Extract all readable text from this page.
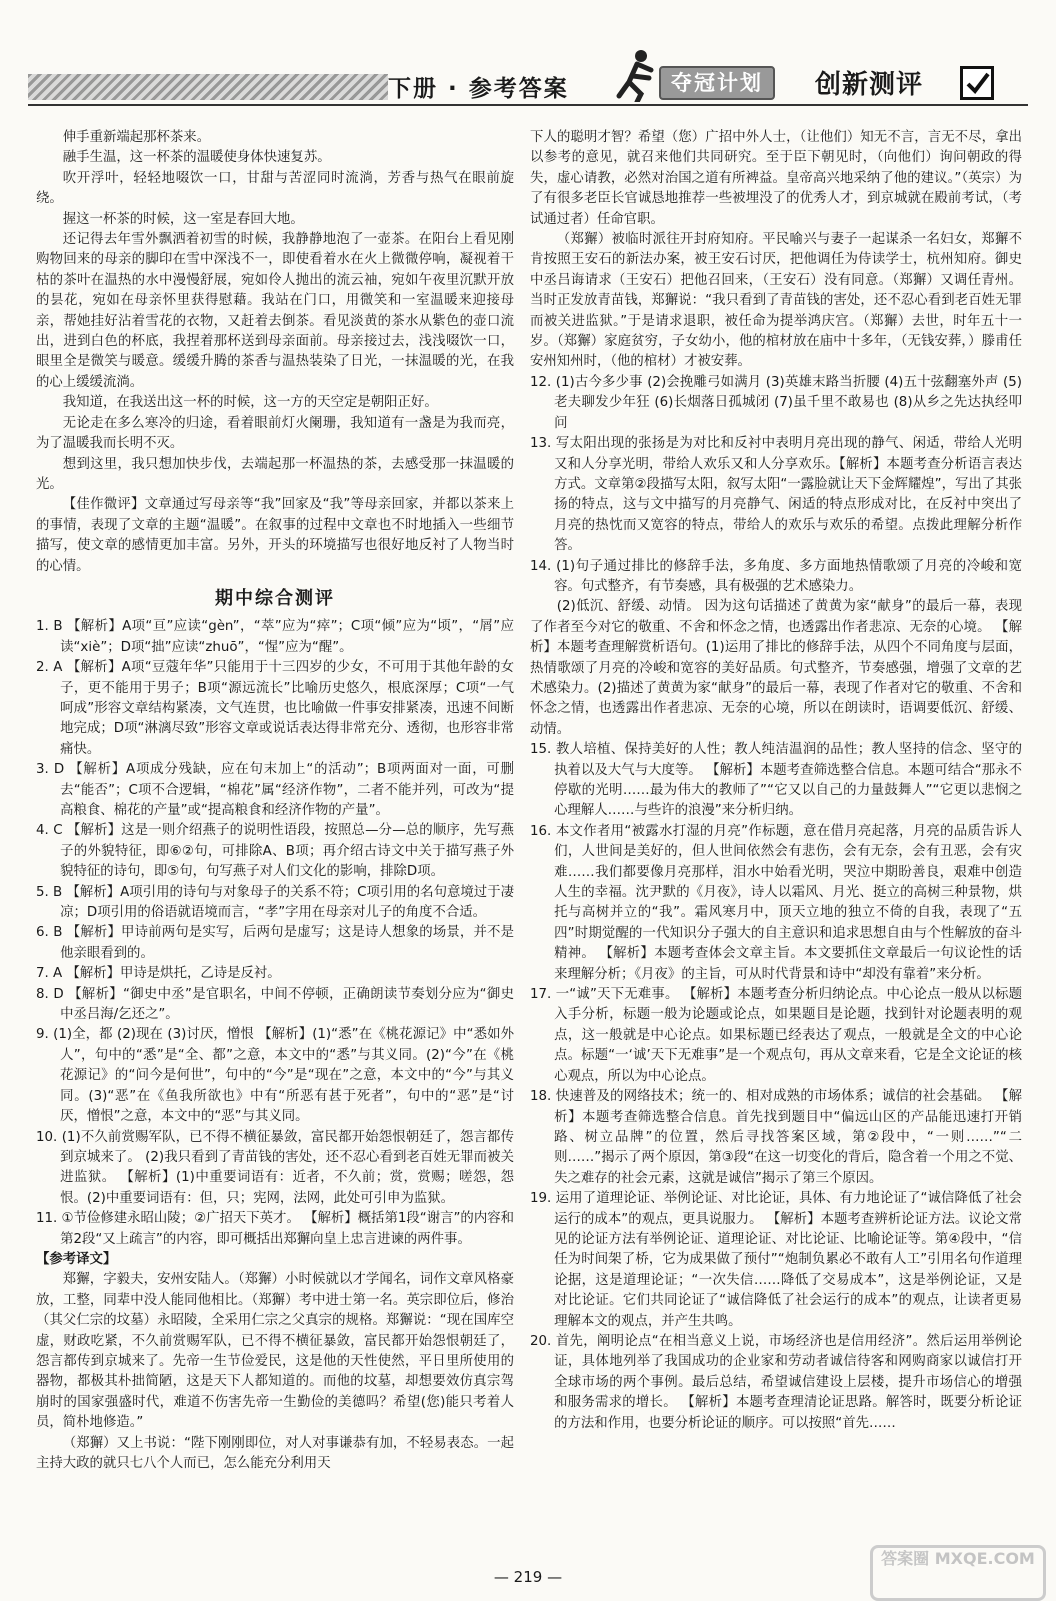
下册 · 参考答案	夺冠计划	创新测评

伸手重新端起那杯茶来。

融手生温，这一杯茶的温暖使身体快速复苏。

吹开浮叶，轻轻地啜饮一口，甘甜与苦涩同时流淌，芳香与热气在眼前旋绕。

握这一杯茶的时候，这一室是春回大地。

还记得去年雪外飘洒着初雪的时候，我静静地泡了一壶茶。在阳台上看见刚购物回来的母亲的脚印在雪中深浅不一，即使看着水在火上微微停响，凝视着干枯的茶叶在温热的水中漫慢舒展，宛如伶人抛出的流云袖，宛如午夜里沉默开放的昙花，宛如在母亲怀里获得慰藉。我站在门口，用微笑和一室温暖来迎接母亲，帮她挂好沾着雪花的衣物，又赶着去倒茶。看见淡黄的茶水从紫色的壶口流出，进到白色的杯底，我捏着那杯送到母亲面前。母亲接过去，浅浅啜饮一口，眼里全是微笑与暖意。缓缓升腾的茶香与温热装染了日光，一抹温暖的光，在我的心上缓缓流淌。

我知道，在我送出这一杯的时候，这一方的天空定是朝阳正好。

无论走在多么寒冷的归途，看着眼前灯火阑珊，我知道有一盏是为我而亮，为了温暖我而长明不灭。

想到这里，我只想加快步伐，去端起那一杯温热的茶，去感受那一抹温暖的光。

【佳作微评】文章通过写母亲等“我”回家及“我”等母亲回家，并都以茶来上的事情，表现了文章的主题“温暖”。在叙事的过程中文章也不时地插入一些细节描写，使文章的感情更加丰富。另外，开头的环境描写也很好地反衬了人物当时的心情。

期中综合测评

1. B 【解析】A项“亘”应读“gèn”，“萃”应为“瘁”；C项“倾”应为“顷”，“屑”应读“xiè”；D项“拙”应读“zhuō”，“惺”应为“醒”。

2. A 【解析】A项“豆蔻年华”只能用于十三四岁的少女，不可用于其他年龄的女子，更不能用于男子；B项“源远流长”比喻历史悠久，根底深厚；C项“一气呵成”形容文章结构紧凑，文气连贯，也比喻做一件事安排紧凑，迅速不间断地完成；D项“淋漓尽致”形容文章或说话表达得非常充分、透彻，也形容非常痛快。

3. D 【解析】A项成分残缺，应在句末加上“的活动”；B项两面对一面，可删去“能否”；C项不合逻辑，“棉花”属“经济作物”，二者不能并列，可改为“提高粮食、棉花的产量”或“提高粮食和经济作物的产量”。

4. C 【解析】这是一则介绍燕子的说明性语段，按照总—分—总的顺序，先写燕子的外貌特征，即⑥②句，可排除A、B项；再介绍古诗文中关于描写燕子外貌特征的诗句，即⑤句，句写燕子对人们文化的影响，排除D项。

5. B 【解析】A项引用的诗句与对象母子的关系不符；C项引用的名句意境过于凄凉；D项引用的俗语就语境而言，“孝”字用在母亲对儿子的角度不合适。

6. B 【解析】甲诗前两句是实写，后两句是虚写；这是诗人想象的场景，并不是他亲眼看到的。

7. A 【解析】甲诗是烘托，乙诗是反衬。

8. D 【解析】“御史中丞”是官职名，中间不停顿，正确朗读节奏划分应为“御史中丞吕海/乞还之”。

9. (1)全，都 (2)现在 (3)讨厌，憎恨 【解析】(1)“悉”在《桃花源记》中“悉如外人”，句中的“悉”是“全、都”之意，本文中的“悉”与其义同。(2)“今”在《桃花源记》的“问今是何世”，句中的“今”是“现在”之意，本文中的“今”与其义同。(3)“恶”在《鱼我所欲也》中有“所恶有甚于死者”，句中的“恶”是“讨厌，憎恨”之意，本文中的“恶”与其义同。

10. (1)不久前赏赐军队，已不得不横征暴敛，富民都开始怨恨朝廷了，怨言都传到京城来了。 (2)我只看到了青苗钱的害处，还不忍心看到老百姓无罪而被关进监狱。 【解析】(1)中重要词语有：近者，不久前；赏，赏赐；嗟怨，怨恨。(2)中重要词语有：但，只；宪网，法网，此处可引申为监狱。

11. ①节俭修建永昭山陵；②广招天下英才。 【解析】概括第1段“谢言”的内容和第2段“又上疏言”的内容，即可概括出郑獬向皇上忠言进谏的两件事。

【参考译文】

郑獬，字毅夫，安州安陆人。（郑獬）小时候就以才学闻名，词作文章风格豪放，工整，同辈中没人能同他相比。（郑獬）考中进士第一名。英宗即位后，修治（其父仁宗的坟墓）永昭陵，全采用仁宗之父真宗的规格。郑獬说：“现在国库空虚，财政吃紧，不久前赏赐军队，已不得不横征暴敛，富民都开始怨恨朝廷了，怨言都传到京城来了。先帝一生节俭爱民，这是他的天性使然，平日里所使用的器物，都极其朴拙简陋，这是天下人都知道的。而他的坟墓，却想要效仿真宗驾崩时的国家强盛时代，难道不伤害先帝一生勤俭的美德吗？希望(您)能只考着人员，简朴地修造。”

（郑獬）又上书说：“陛下刚刚即位，对人对事谦恭有加，不轻易表态。一起主持大政的就只七八个人而已，怎么能充分利用天

下人的聪明才智？希望（您）广招中外人士，（让他们）知无不言，言无不尽，拿出以参考的意见，就召来他们共同研究。至于臣下朝见时，（向他们）询问朝政的得失，虚心请教，必然对治国之道有所裨益。皇帝高兴地采纳了他的建议。”（英宗）为了有很多老臣长官诚恳地推荐一些被埋没了的优秀人才，到京城就在殿前考试，（考试通过者）任命官职。

（郑獬）被临时派往开封府知府。平民喻兴与妻子一起谋杀一名妇女，郑獬不肯按照王安石的新法办案，被王安石讨厌，把他调任为侍读学士，杭州知府。御史中丞吕诲请求（王安石）把他召回来，（王安石）没有同意。（郑獬）又调任青州。当时正发放青苗钱，郑獬说：“我只看到了青苗钱的害处，还不忍心看到老百姓无罪而被关进监狱。”于是请求退职，被任命为提举鸿庆宫。（郑獬）去世，时年五十一岁。（郑獬）家庭贫穷，子女幼小，他的棺材放在庙中十多年，（无钱安葬，）滕甫任安州知州时，（他的棺材）才被安葬。

12. (1)古今多少事 (2)会挽雕弓如满月 (3)英雄末路当折腰 (4)五十弦翻塞外声 (5)老夫聊发少年狂 (6)长烟落日孤城闭 (7)虽千里不敢易也 (8)从乡之先达执经叩问

13. 写太阳出现的张扬是为对比和反衬中表明月亮出现的静气、闲适，带给人光明又和人分享光明，带给人欢乐又和人分享欢乐。【解析】本题考查分析语言表达方式。文章第②段描写太阳，叙写太阳“一露脸就让天下金辉耀煌”，写出了其张扬的特点，这与文中描写的月亮静气、闲适的特点形成对比，在反衬中突出了月亮的热忱而又宽容的特点，带给人的欢乐与欢乐的希望。点拨此理解分析作答。

14. (1)句子通过排比的修辞手法，多角度、多方面地热情歌颂了月亮的冷峻和宽容。句式整齐，有节奏感，具有极强的艺术感染力。

(2)低沉、舒缓、动情。 因为这句话描述了黄黄为家“献身”的最后一幕，表现了作者至今对它的敬重、不舍和怀念之情，也透露出作者悲凉、无奈的心境。 【解析】本题考查理解赏析语句。(1)运用了排比的修辞手法，从四个不同角度与层面，热情歌颂了月亮的冷峻和宽容的美好品质。句式整齐，节奏感强，增强了文章的艺术感染力。(2)描述了黄黄为家“献身”的最后一幕，表现了作者对它的敬重、不舍和怀念之情，也透露出作者悲凉、无奈的心境，所以在朗读时，语调要低沉、舒缓、动情。

15. 教人培植、保持美好的人性；教人纯洁温润的品性；教人坚持的信念、坚守的执着以及大气与大度等。 【解析】本题考查筛选整合信息。本题可结合“那永不停歇的光明……最为伟大的教师了”“它又以自己的力量鼓舞人”“它更以悲悯之心理解人……与些许的浪漫”来分析归纳。

16. 本文作者用“被露水打湿的月亮”作标题，意在借月亮起落，月亮的品质告诉人们，人世间是美好的，但人世间依然会有悲伤，会有无奈，会有丑恶，会有灾难……我们都要像月亮那样，泪水中始看光明，哭泣中期盼善良，艰难中创造人生的幸福。沈尹默的《月夜》，诗人以霜风、月光、挺立的高树三种景物，烘托与高树并立的“我”。霜风寒月中，顶天立地的独立不倚的自我，表现了“五四”时期觉醒的一代知识分子强大的自主意识和追求思想自由与个性解放的奋斗精神。 【解析】本题考查体会文章主旨。本文要抓住文章最后一句议论性的话来理解分析；《月夜》的主旨，可从时代背景和诗中“却没有靠着”来分析。

17. 一“诚”天下无难事。 【解析】本题考查分析归纳论点。中心论点一般从以标题入手分析，标题一般为论题或论点，如果题目是论题，找到针对论题表明的观点，这一般就是中心论点。如果标题已经表达了观点，一般就是全文的中心论点。标题“一‘诚’天下无难事”是一个观点句，再从文章来看，它是全文论证的核心观点，所以为中心论点。

18. 快速普及的网络技术；统一的、相对成熟的市场体系；诚信的社会基础。 【解析】本题考查筛选整合信息。首先找到题目中“偏远山区的产品能迅速打开销路、树立品牌”的位置，然后寻找答案区域，第②段中，“一则……”“二则……”揭示了两个原因，第③段“在这一切变化的背后，隐含着一个用之不觉、失之难存的社会元素，这就是诚信”揭示了第三个原因。

19. 运用了道理论证、举例论证、对比论证，具体、有力地论证了“诚信降低了社会运行的成本”的观点，更具说服力。 【解析】本题考查辨析论证方法。议论文常见的论证方法有举例论证、道理论证、对比论证、比喻论证等。第④段中，“信任为时间架了桥，它为成果做了预付”“炮制负累必不敢有人工”引用名句作道理论据，这是道理论证；“一次失信……降低了交易成本”，这是举例论证，又是对比论证。它们共同论证了“诚信降低了社会运行的成本”的观点，让读者更易理解本文的观点，并产生共鸣。

20. 首先，阐明论点“在相当意义上说，市场经济也是信用经济”。然后运用举例论证，具体地列举了我国成功的企业家和劳动者诚信待客和网购商家以诚信打开全球市场的两个事例。最后总结，希望诚信建设上层楼，提升市场信心的增强和服务需求的增长。 【解析】本题考查理清论证思路。解答时，既要分析论证的方法和作用，也要分析论证的顺序。可以按照“首先……

— 219 —
答案圈 MXQE.COM
